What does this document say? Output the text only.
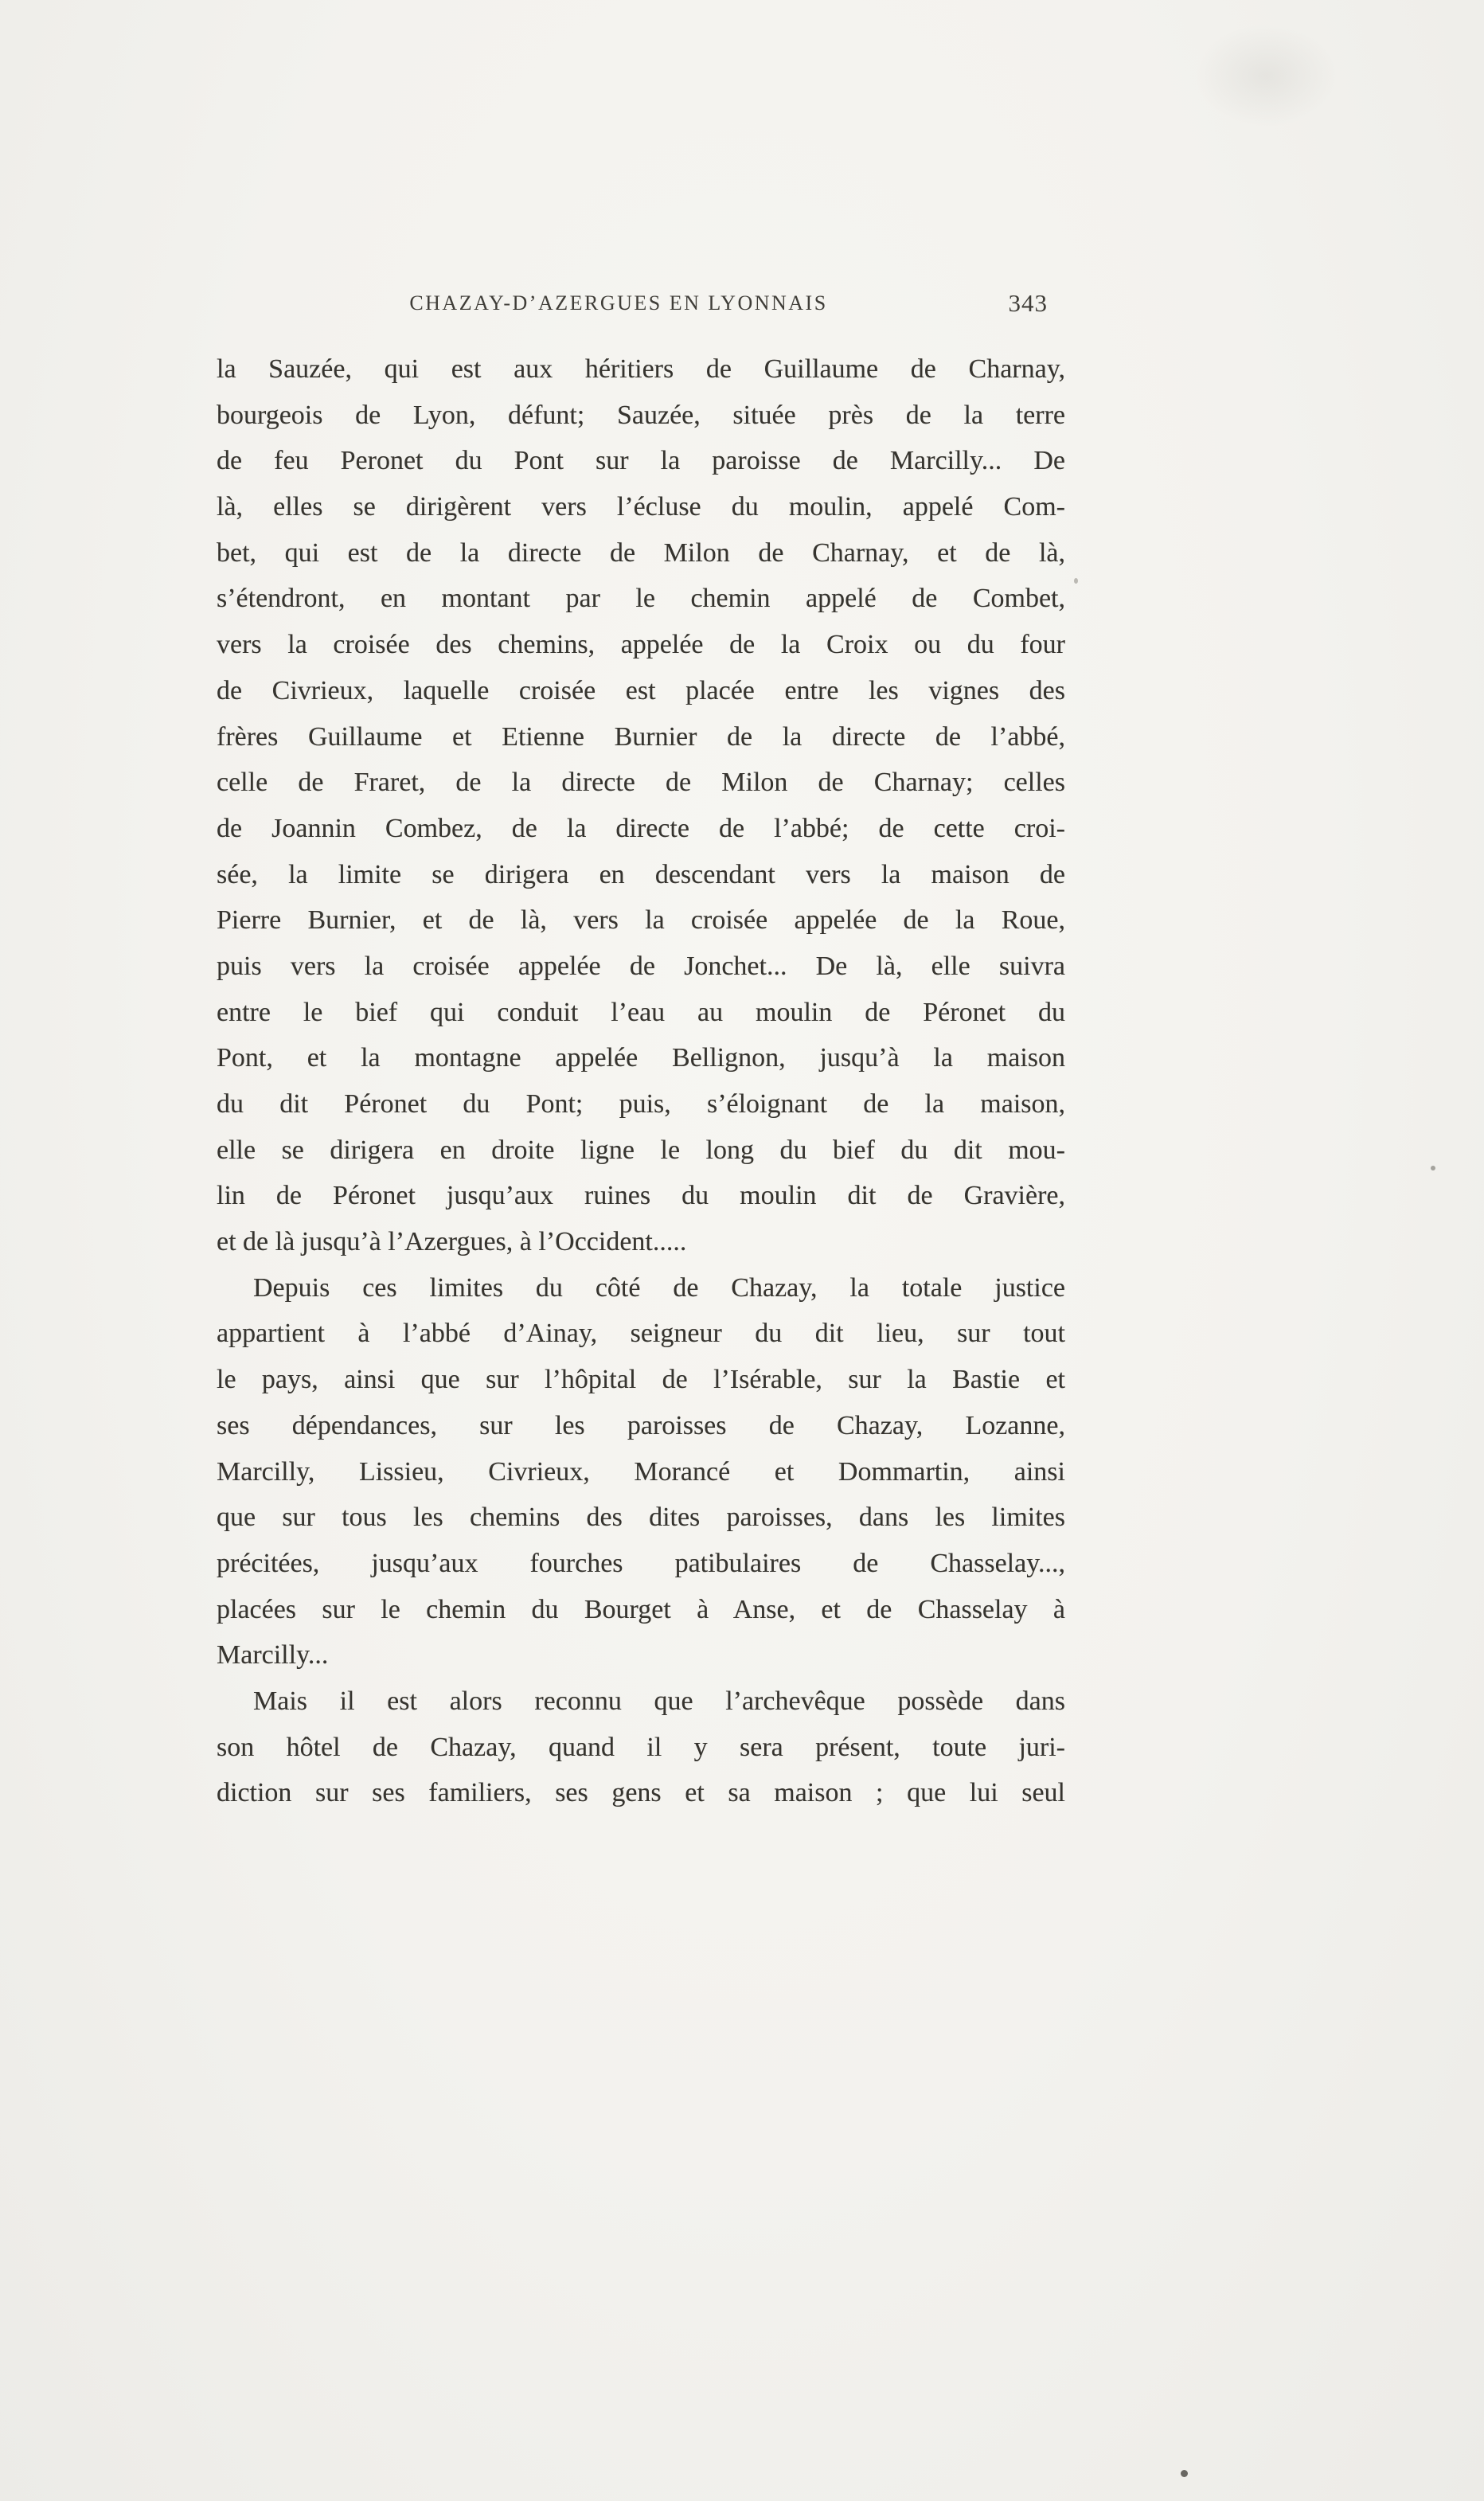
CHAZAY-D’AZERGUES EN LYONNAIS	343

la Sauzée, qui est aux héritiers de Guillaume de Charnay,
bourgeois de Lyon, défunt; Sauzée, située près de la terre
de feu Peronet du Pont sur la paroisse de Marcilly... De
là, elles se dirigèrent vers l’écluse du moulin, appelé Com-
bet, qui est de la directe de Milon de Charnay, et de là,
s’étendront, en montant par le chemin appelé de Combet,
vers la croisée des chemins, appelée de la Croix ou du four
de Civrieux, laquelle croisée est placée entre les vignes des
frères Guillaume et Etienne Burnier de la directe de l’abbé,
celle de Fraret, de la directe de Milon de Charnay; celles
de Joannin Combez, de la directe de l’abbé; de cette croi-
sée, la limite se dirigera en descendant vers la maison de
Pierre Burnier, et de là, vers la croisée appelée de la Roue,
puis vers la croisée appelée de Jonchet... De là, elle suivra
entre le bief qui conduit l’eau au moulin de Péronet du
Pont, et la montagne appelée Bellignon, jusqu’à la maison
du dit Péronet du Pont; puis, s’éloignant de la maison,
elle se dirigera en droite ligne le long du bief du dit mou-
lin de Péronet jusqu’aux ruines du moulin dit de Gravière,
et de là jusqu’à l’Azergues, à l’Occident.....

Depuis ces limites du côté de Chazay, la totale justice
appartient à l’abbé d’Ainay, seigneur du dit lieu, sur tout
le pays, ainsi que sur l’hôpital de l’Isérable, sur la Bastie et
ses dépendances, sur les paroisses de Chazay, Lozanne,
Marcilly, Lissieu, Civrieux, Morancé et Dommartin, ainsi
que sur tous les chemins des dites paroisses, dans les limites
précitées, jusqu’aux fourches patibulaires de Chasselay...,
placées sur le chemin du Bourget à Anse, et de Chasselay à
Marcilly...

Mais il est alors reconnu que l’archevêque possède dans
son hôtel de Chazay, quand il y sera présent, toute juri-
diction sur ses familiers, ses gens et sa maison ; que lui seul
